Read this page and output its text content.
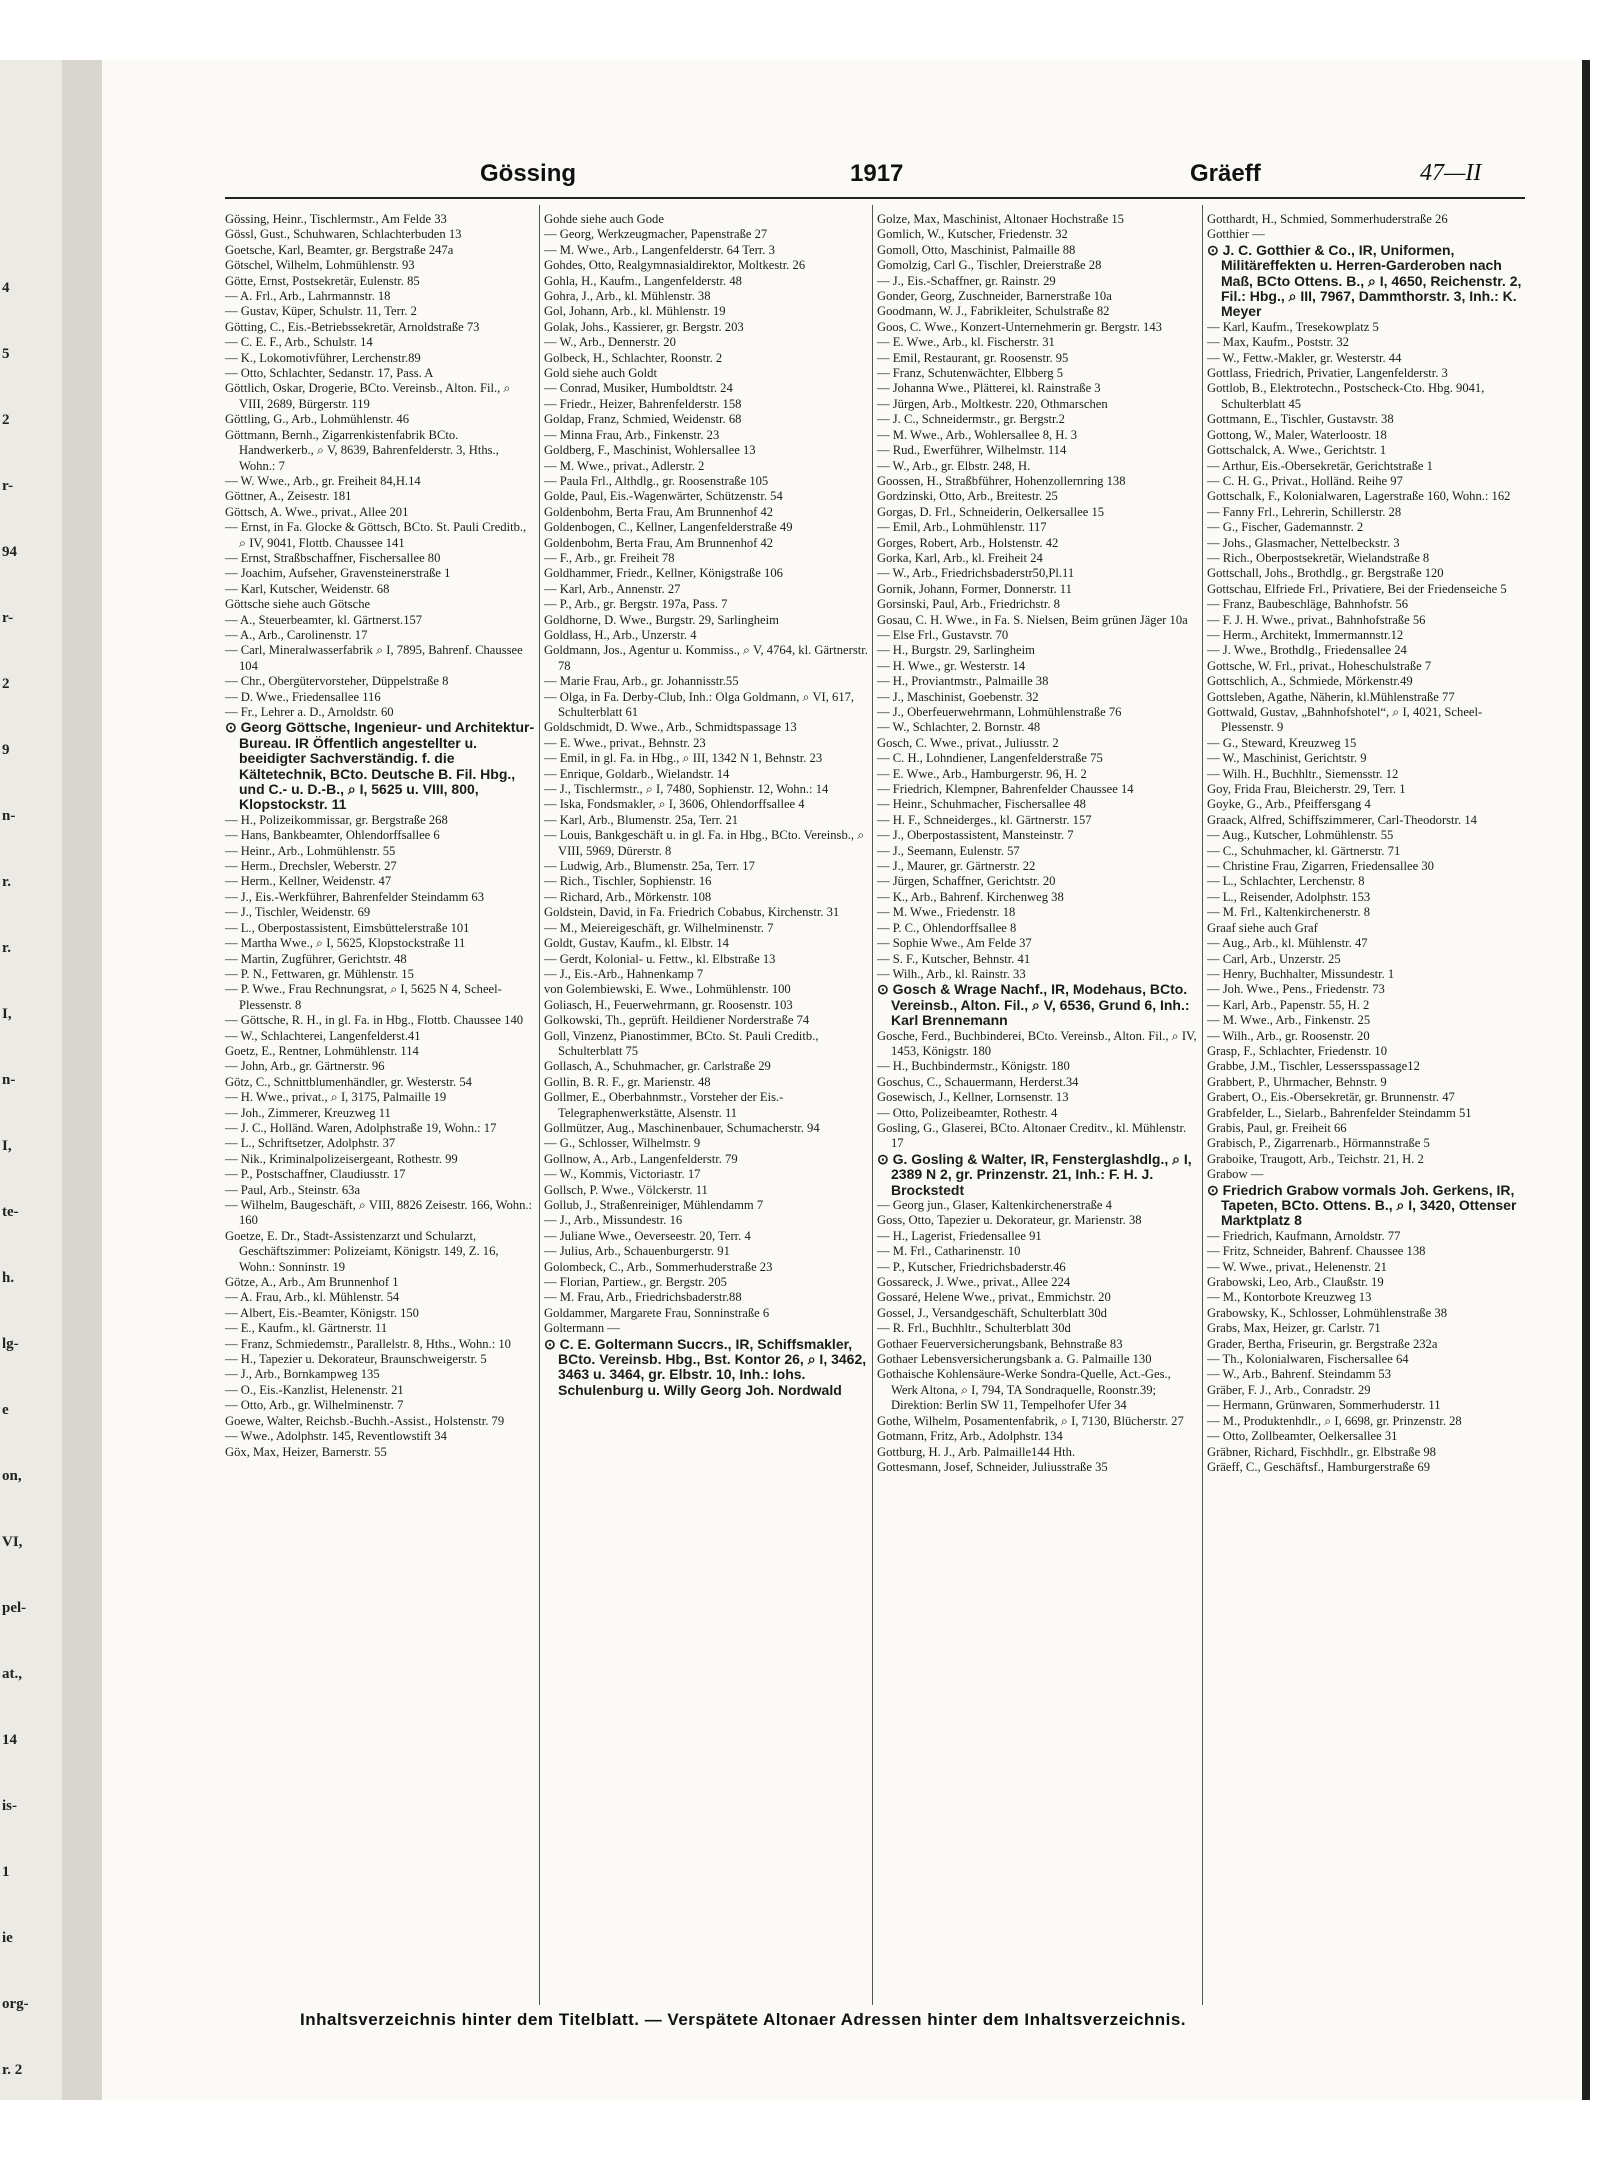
4
5
2
r-
94
r-
2
9
n-
r.
r.
I,
n-
I,
te-
h.
lg-
e
on,
VI,
pel-
at.,
14
is-
1
ie
org-
r. 2
Gössing	1917	Gräeff	47—II

Gössing, Heinr., Tischlermstr., Am Felde 33

Gössl, Gust., Schuhwaren, Schlachterbuden 13

Goetsche, Karl, Beamter, gr. Bergstraße 247a

Götschel, Wilhelm, Lohmühlenstr. 93

Götte, Ernst, Postsekretär, Eulenstr. 85

— A. Frl., Arb., Lahrmannstr. 18

— Gustav, Küper, Schulstr. 11, Terr. 2

Götting, C., Eis.-Betriebssekretär, Arnoldstraße 73

— C. E. F., Arb., Schulstr. 14

— K., Lokomotivführer, Lerchenstr.89

— Otto, Schlachter, Sedanstr. 17, Pass. A

Göttlich, Oskar, Drogerie, BCto. Vereinsb., Alton. Fil., ⌕ VIII, 2689, Bürgerstr. 119

Göttling, G., Arb., Lohmühlenstr. 46

Göttmann, Bernh., Zigarrenkistenfabrik BCto. Handwerkerb., ⌕ V, 8639, Bahrenfelderstr. 3, Hths., Wohn.: 7

— W. Wwe., Arb., gr. Freiheit 84,H.14

Göttner, A., Zeisestr. 181

Göttsch, A. Wwe., privat., Allee 201

— Ernst, in Fa. Glocke & Göttsch, BCto. St. Pauli Creditb., ⌕ IV, 9041, Flottb. Chaussee 141

— Ernst, Straßbschaffner, Fischersallee 80

— Joachim, Aufseher, Gravensteinerstraße 1

— Karl, Kutscher, Weidenstr. 68

Göttsche siehe auch Götsche

— A., Steuerbeamter, kl. Gärtnerst.157

— A., Arb., Carolinenstr. 17

— Carl, Mineralwasserfabrik ⌕ I, 7895, Bahrenf. Chaussee 104

— Chr., Obergütervorsteher, Düppelstraße 8

— D. Wwe., Friedensallee 116

— Fr., Lehrer a. D., Arnoldstr. 60

⊙ Georg Göttsche, Ingenieur- und Architektur-Bureau. IR Öffentlich angestellter u. beeidigter Sachverständig. f. die Kältetechnik, BCto. Deutsche B. Fil. Hbg., und C.- u. D.-B., ⌕ I, 5625 u. VIII, 800, Klopstockstr. 11

— H., Polizeikommissar, gr. Bergstraße 268

— Hans, Bankbeamter, Ohlendorffsallee 6

— Heinr., Arb., Lohmühlenstr. 55

— Herm., Drechsler, Weberstr. 27

— Herm., Kellner, Weidenstr. 47

— J., Eis.-Werkführer, Bahrenfelder Steindamm 63

— J., Tischler, Weidenstr. 69

— L., Oberpostassistent, Eimsbüttelerstraße 101

— Martha Wwe., ⌕ I, 5625, Klopstockstraße 11

— Martin, Zugführer, Gerichtstr. 48

— P. N., Fettwaren, gr. Mühlenstr. 15

— P. Wwe., Frau Rechnungsrat, ⌕ I, 5625 N 4, Scheel-Plessenstr. 8

— Göttsche, R. H., in gl. Fa. in Hbg., Flottb. Chaussee 140

— W., Schlachterei, Langenfelderst.41

Goetz, E., Rentner, Lohmühlenstr. 114

— John, Arb., gr. Gärtnerstr. 96

Götz, C., Schnittblumenhändler, gr. Westerstr. 54

— H. Wwe., privat., ⌕ I, 3175, Palmaille 19

— Joh., Zimmerer, Kreuzweg 11

— J. C., Holländ. Waren, Adolphstraße 19, Wohn.: 17

— L., Schriftsetzer, Adolphstr. 37

— Nik., Kriminalpolizeisergeant, Rothestr. 99

— P., Postschaffner, Claudiusstr. 17

— Paul, Arb., Steinstr. 63a

— Wilhelm, Baugeschäft, ⌕ VIII, 8826 Zeisestr. 166, Wohn.: 160

Goetze, E. Dr., Stadt-Assistenzarzt und Schularzt, Geschäftszimmer: Polizeiamt, Königstr. 149, Z. 16, Wohn.: Sonninstr. 19

Götze, A., Arb., Am Brunnenhof 1

— A. Frau, Arb., kl. Mühlenstr. 54

— Albert, Eis.-Beamter, Königstr. 150

— E., Kaufm., kl. Gärtnerstr. 11

— Franz, Schmiedemstr., Parallelstr. 8, Hths., Wohn.: 10

— H., Tapezier u. Dekorateur, Braunschweigerstr. 5

— J., Arb., Bornkampweg 135

— O., Eis.-Kanzlist, Helenenstr. 21

— Otto, Arb., gr. Wilhelminenstr. 7

Goewe, Walter, Reichsb.-Buchh.-Assist., Holstenstr. 79

— Wwe., Adolphstr. 145, Reventlowstift 34

Göx, Max, Heizer, Barnerstr. 55

Gohde siehe auch Gode

— Georg, Werkzeugmacher, Papenstraße 27

— M. Wwe., Arb., Langenfelderstr. 64 Terr. 3

Gohdes, Otto, Realgymnasialdirektor, Moltkestr. 26

Gohla, H., Kaufm., Langenfelderstr. 48

Gohra, J., Arb., kl. Mühlenstr. 38

Gol, Johann, Arb., kl. Mühlenstr. 19

Golak, Johs., Kassierer, gr. Bergstr. 203

— W., Arb., Dennerstr. 20

Golbeck, H., Schlachter, Roonstr. 2

Gold siehe auch Goldt

— Conrad, Musiker, Humboldtstr. 24

— Friedr., Heizer, Bahrenfelderstr. 158

Goldap, Franz, Schmied, Weidenstr. 68

— Minna Frau, Arb., Finkenstr. 23

Goldberg, F., Maschinist, Wohlersallee 13

— M. Wwe., privat., Adlerstr. 2

— Paula Frl., Althdlg., gr. Roosenstraße 105

Golde, Paul, Eis.-Wagenwärter, Schützenstr. 54

Goldenbohm, Berta Frau, Am Brunnenhof 42

Goldenbogen, C., Kellner, Langenfelderstraße 49

Goldenbohm, Berta Frau, Am Brunnenhof 42

— F., Arb., gr. Freiheit 78

Goldhammer, Friedr., Kellner, Königstraße 106

— Karl, Arb., Annenstr. 27

— P., Arb., gr. Bergstr. 197a, Pass. 7

Goldhorne, D. Wwe., Burgstr. 29, Sarlingheim

Goldlass, H., Arb., Unzerstr. 4

Goldmann, Jos., Agentur u. Kommiss., ⌕ V, 4764, kl. Gärtnerstr. 78

— Marie Frau, Arb., gr. Johannisstr.55

— Olga, in Fa. Derby-Club, Inh.: Olga Goldmann, ⌕ VI, 617, Schulterblatt 61

Goldschmidt, D. Wwe., Arb., Schmidtspassage 13

— E. Wwe., privat., Behnstr. 23

— Emil, in gl. Fa. in Hbg., ⌕ III, 1342 N 1, Behnstr. 23

— Enrique, Goldarb., Wielandstr. 14

— J., Tischlermstr., ⌕ I, 7480, Sophienstr. 12, Wohn.: 14

— Iska, Fondsmakler, ⌕ I, 3606, Ohlendorffsallee 4

— Karl, Arb., Blumenstr. 25a, Terr. 21

— Louis, Bankgeschäft u. in gl. Fa. in Hbg., BCto. Vereinsb., ⌕ VIII, 5969, Dürerstr. 8

— Ludwig, Arb., Blumenstr. 25a, Terr. 17

— Rich., Tischler, Sophienstr. 16

— Richard, Arb., Mörkenstr. 108

Goldstein, David, in Fa. Friedrich Cobabus, Kirchenstr. 31

— M., Meiereigeschäft, gr. Wilhelminenstr. 7

Goldt, Gustav, Kaufm., kl. Elbstr. 14

— Gerdt, Kolonial- u. Fettw., kl. Elbstraße 13

— J., Eis.-Arb., Hahnenkamp 7

von Golembiewski, E. Wwe., Lohmühlenstr. 100

Goliasch, H., Feuerwehrmann, gr. Roosenstr. 103

Golkowski, Th., geprüft. Heildiener Norderstraße 74

Goll, Vinzenz, Pianostimmer, BCto. St. Pauli Creditb., Schulterblatt 75

Gollasch, A., Schuhmacher, gr. Carlstraße 29

Gollin, B. R. F., gr. Marienstr. 48

Gollmer, E., Oberbahnmstr., Vorsteher der Eis.-Telegraphenwerkstätte, Alsenstr. 11

Gollmützer, Aug., Maschinenbauer, Schumacherstr. 94

— G., Schlosser, Wilhelmstr. 9

Gollnow, A., Arb., Langenfelderstr. 79

— W., Kommis, Victoriastr. 17

Gollsch, P. Wwe., Völckerstr. 11

Gollub, J., Straßenreiniger, Mühlendamm 7

— J., Arb., Missundestr. 16

— Juliane Wwe., Oeverseestr. 20, Terr. 4

— Julius, Arb., Schauenburgerstr. 91

Golombeck, C., Arb., Sommerhuderstraße 23

— Florian, Partiew., gr. Bergstr. 205

— M. Frau, Arb., Friedrichsbaderstr.88

Goldammer, Margarete Frau, Sonninstraße 6

Goltermann —

⊙ C. E. Goltermann Succrs., IR, Schiffsmakler, BCto. Vereinsb. Hbg., Bst. Kontor 26, ⌕ I, 3462, 3463 u. 3464, gr. Elbstr. 10, Inh.: Iohs. Schulenburg u. Willy Georg Joh. Nordwald

Golze, Max, Maschinist, Altonaer Hochstraße 15

Gomlich, W., Kutscher, Friedenstr. 32

Gomoll, Otto, Maschinist, Palmaille 88

Gomolzig, Carl G., Tischler, Dreierstraße 28

— J., Eis.-Schaffner, gr. Rainstr. 29

Gonder, Georg, Zuschneider, Barnerstraße 10a

Goodmann, W. J., Fabrikleiter, Schulstraße 82

Goos, C. Wwe., Konzert-Unternehmerin gr. Bergstr. 143

— E. Wwe., Arb., kl. Fischerstr. 31

— Emil, Restaurant, gr. Roosenstr. 95

— Franz, Schutenwächter, Elbberg 5

— Johanna Wwe., Plätterei, kl. Rainstraße 3

— Jürgen, Arb., Moltkestr. 220, Othmarschen

— J. C., Schneidermstr., gr. Bergstr.2

— M. Wwe., Arb., Wohlersallee 8, H. 3

— Rud., Ewerführer, Wilhelmstr. 114

— W., Arb., gr. Elbstr. 248, H.

Goossen, H., Straßbführer, Hohenzollernring 138

Gordzinski, Otto, Arb., Breitestr. 25

Gorgas, D. Frl., Schneiderin, Oelkersallee 15

— Emil, Arb., Lohmühlenstr. 117

Gorges, Robert, Arb., Holstenstr. 42

Gorka, Karl, Arb., kl. Freiheit 24

— W., Arb., Friedrichsbaderstr50,Pl.11

Gornik, Johann, Former, Donnerstr. 11

Gorsinski, Paul, Arb., Friedrichstr. 8

Gosau, C. H. Wwe., in Fa. S. Nielsen, Beim grünen Jäger 10a

— Else Frl., Gustavstr. 70

— H., Burgstr. 29, Sarlingheim

— H. Wwe., gr. Westerstr. 14

— H., Proviantmstr., Palmaille 38

— J., Maschinist, Goebenstr. 32

— J., Oberfeuerwehrmann, Lohmühlenstraße 76

— W., Schlachter, 2. Bornstr. 48

Gosch, C. Wwe., privat., Juliusstr. 2

— C. H., Lohndiener, Langenfelderstraße 75

— E. Wwe., Arb., Hamburgerstr. 96, H. 2

— Friedrich, Klempner, Bahrenfelder Chaussee 14

— Heinr., Schuhmacher, Fischersallee 48

— H. F., Schneiderges., kl. Gärtnerstr. 157

— J., Oberpostassistent, Mansteinstr. 7

— J., Seemann, Eulenstr. 57

— J., Maurer, gr. Gärtnerstr. 22

— Jürgen, Schaffner, Gerichtstr. 20

— K., Arb., Bahrenf. Kirchenweg 38

— M. Wwe., Friedenstr. 18

— P. C., Ohlendorffsallee 8

— Sophie Wwe., Am Felde 37

— S. F., Kutscher, Behnstr. 41

— Wilh., Arb., kl. Rainstr. 33

⊙ Gosch & Wrage Nachf., IR, Modehaus, BCto. Vereinsb., Alton. Fil., ⌕ V, 6536, Grund 6, Inh.: Karl Brennemann

Gosche, Ferd., Buchbinderei, BCto. Vereinsb., Alton. Fil., ⌕ IV, 1453, Königstr. 180

— H., Buchbindermstr., Königstr. 180

Goschus, C., Schauermann, Herderst.34

Gosewisch, J., Kellner, Lornsenstr. 13

— Otto, Polizeibeamter, Rothestr. 4

Gosling, G., Glaserei, BCto. Altonaer Creditv., kl. Mühlenstr. 17

⊙ G. Gosling & Walter, IR, Fensterglashdlg., ⌕ I, 2389 N 2, gr. Prinzenstr. 21, Inh.: F. H. J. Brockstedt

— Georg jun., Glaser, Kaltenkirchenerstraße 4

Goss, Otto, Tapezier u. Dekorateur, gr. Marienstr. 38

— H., Lagerist, Friedensallee 91

— M. Frl., Catharinenstr. 10

— P., Kutscher, Friedrichsbaderstr.46

Gossareck, J. Wwe., privat., Allee 224

Gossaré, Helene Wwe., privat., Emmichstr. 20

Gossel, J., Versandgeschäft, Schulterblatt 30d

— R. Frl., Buchhltr., Schulterblatt 30d

Gothaer Feuerversicherungsbank, Behnstraße 83

Gothaer Lebensversicherungsbank a. G. Palmaille 130

Gothaische Kohlensäure-Werke Sondra-Quelle, Act.-Ges., Werk Altona, ⌕ I, 794, TA Sondraquelle, Roonstr.39; Direktion: Berlin SW 11, Tempelhofer Ufer 34

Gothe, Wilhelm, Posamentenfabrik, ⌕ I, 7130, Blücherstr. 27

Gotmann, Fritz, Arb., Adolphstr. 134

Gottburg, H. J., Arb. Palmaille144 Hth.

Gottesmann, Josef, Schneider, Juliusstraße 35

Gotthardt, H., Schmied, Sommerhuderstraße 26

Gotthier —

⊙ J. C. Gotthier & Co., IR, Uniformen, Militäreffekten u. Herren-Garderoben nach Maß, BCto Ottens. B., ⌕ I, 4650, Reichenstr. 2, Fil.: Hbg., ⌕ III, 7967, Dammthorstr. 3, Inh.: K. Meyer

— Karl, Kaufm., Tresekowplatz 5

— Max, Kaufm., Poststr. 32

— W., Fettw.-Makler, gr. Westerstr. 44

Gottlass, Friedrich, Privatier, Langenfelderstr. 3

Gottlob, B., Elektrotechn., Postscheck-Cto. Hbg. 9041, Schulterblatt 45

Gottmann, E., Tischler, Gustavstr. 38

Gottong, W., Maler, Waterloostr. 18

Gottschalck, A. Wwe., Gerichtstr. 1

— Arthur, Eis.-Obersekretär, Gerichtstraße 1

— C. H. G., Privat., Holländ. Reihe 97

Gottschalk, F., Kolonialwaren, Lagerstraße 160, Wohn.: 162

— Fanny Frl., Lehrerin, Schillerstr. 28

— G., Fischer, Gademannstr. 2

— Johs., Glasmacher, Nettelbeckstr. 3

— Rich., Oberpostsekretär, Wielandstraße 8

Gottschall, Johs., Brothdlg., gr. Bergstraße 120

Gottschau, Elfriede Frl., Privatiere, Bei der Friedenseiche 5

— Franz, Baubeschläge, Bahnhofstr. 56

— F. J. H. Wwe., privat., Bahnhofstraße 56

— Herm., Architekt, Immermannstr.12

— J. Wwe., Brothdlg., Friedensallee 24

Gottsche, W. Frl., privat., Hoheschulstraße 7

Gottschlich, A., Schmiede, Mörkenstr.49

Gottsleben, Agathe, Näherin, kl.Mühlenstraße 77

Gottwald, Gustav, „Bahnhofshotel“, ⌕ I, 4021, Scheel-Plessenstr. 9

— G., Steward, Kreuzweg 15

— W., Maschinist, Gerichtstr. 9

— Wilh. H., Buchhltr., Siemensstr. 12

Goy, Frida Frau, Bleicherstr. 29, Terr. 1

Goyke, G., Arb., Pfeiffersgang 4

Graack, Alfred, Schiffszimmerer, Carl-Theodorstr. 14

— Aug., Kutscher, Lohmühlenstr. 55

— C., Schuhmacher, kl. Gärtnerstr. 71

— Christine Frau, Zigarren, Friedensallee 30

— L., Schlachter, Lerchenstr. 8

— L., Reisender, Adolphstr. 153

— M. Frl., Kaltenkirchenerstr. 8

Graaf siehe auch Graf

— Aug., Arb., kl. Mühlenstr. 47

— Carl, Arb., Unzerstr. 25

— Henry, Buchhalter, Missundestr. 1

— Joh. Wwe., Pens., Friedenstr. 73

— Karl, Arb., Papenstr. 55, H. 2

— M. Wwe., Arb., Finkenstr. 25

— Wilh., Arb., gr. Roosenstr. 20

Grasp, F., Schlachter, Friedenstr. 10

Grabbe, J.M., Tischler, Lessersspassage12

Grabbert, P., Uhrmacher, Behnstr. 9

Grabert, O., Eis.-Obersekretär, gr. Brunnenstr. 47

Grabfelder, L., Sielarb., Bahrenfelder Steindamm 51

Grabis, Paul, gr. Freiheit 66

Grabisch, P., Zigarrenarb., Hörmannstraße 5

Graboike, Traugott, Arb., Teichstr. 21, H. 2

Grabow —

⊙ Friedrich Grabow vormals Joh. Gerkens, IR, Tapeten, BCto. Ottens. B., ⌕ I, 3420, Ottenser Marktplatz 8

— Friedrich, Kaufmann, Arnoldstr. 77

— Fritz, Schneider, Bahrenf. Chaussee 138

— W. Wwe., privat., Helenenstr. 21

Grabowski, Leo, Arb., Claußstr. 19

— M., Kontorbote Kreuzweg 13

Grabowsky, K., Schlosser, Lohmühlenstraße 38

Grabs, Max, Heizer, gr. Carlstr. 71

Grader, Bertha, Friseurin, gr. Bergstraße 232a

— Th., Kolonialwaren, Fischersallee 64

— W., Arb., Bahrenf. Steindamm 53

Gräber, F. J., Arb., Conradstr. 29

— Hermann, Grünwaren, Sommerhuderstr. 11

— M., Produktenhdlr., ⌕ I, 6698, gr. Prinzenstr. 28

— Otto, Zollbeamter, Oelkersallee 31

Gräbner, Richard, Fischhdlr., gr. Elbstraße 98

Gräeff, C., Geschäftsf., Hamburgerstraße 69

Inhaltsverzeichnis hinter dem Titelblatt. — Verspätete Altonaer Adressen hinter dem Inhaltsverzeichnis.
